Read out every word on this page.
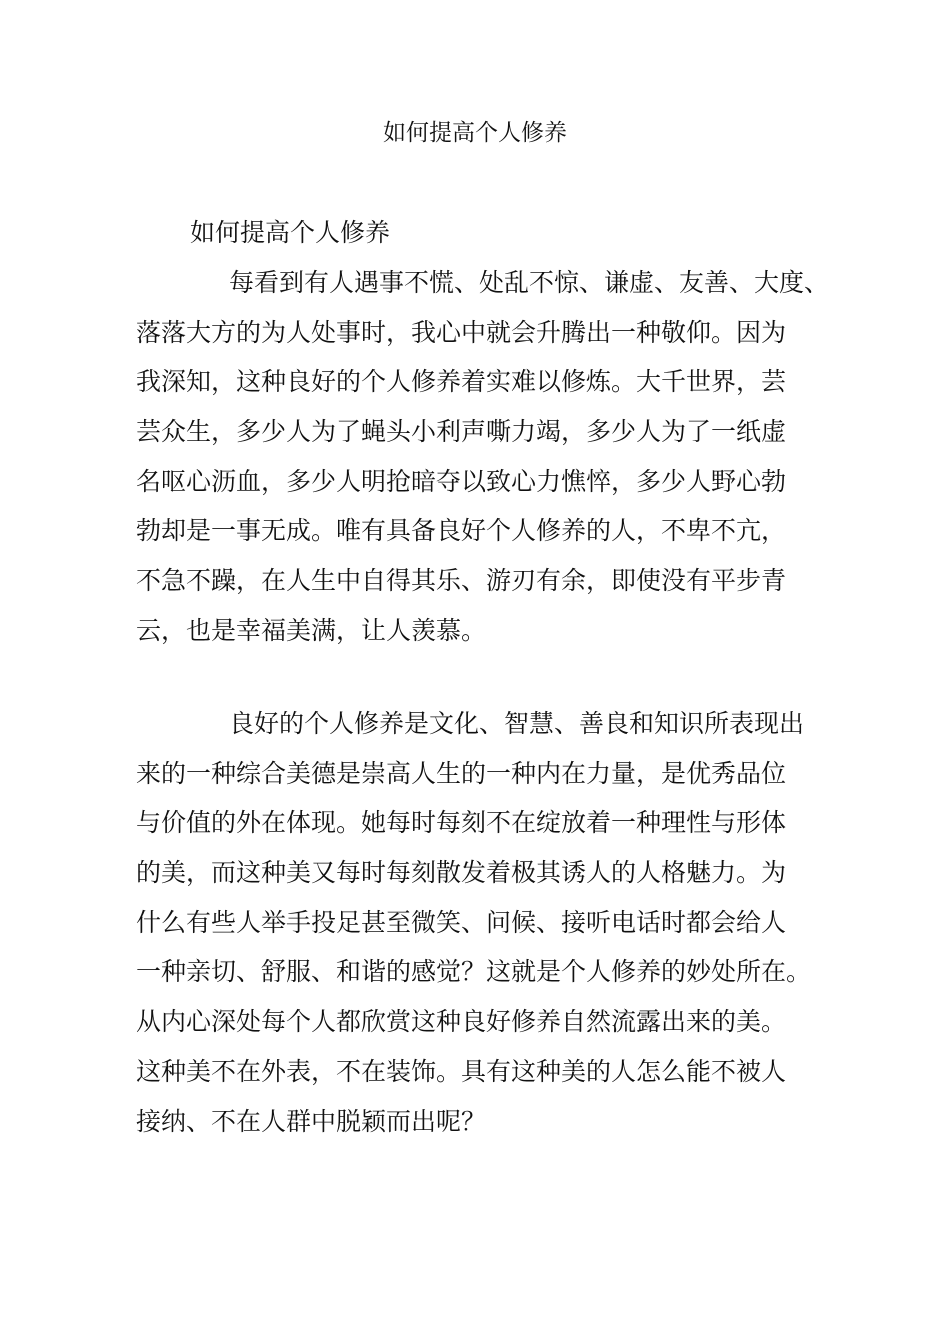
如何提高个人修养

如何提高个人修养

每看到有人遇事不慌、处乱不惊、谦虚、友善、大度、
落落大方的为人处事时，我心中就会升腾出一种敬仰。因为
我深知，这种良好的个人修养着实难以修炼。大千世界，芸
芸众生，多少人为了蝇头小利声嘶力竭，多少人为了一纸虚
名呕心沥血，多少人明抢暗夺以致心力憔悴，多少人野心勃
勃却是一事无成。唯有具备良好个人修养的人，不卑不亢，
不急不躁，在人生中自得其乐、游刃有余，即使没有平步青
云，也是幸福美满，让人羡慕。
良好的个人修养是文化、智慧、善良和知识所表现出
来的一种综合美德是崇高人生的一种内在力量，是优秀品位
与价值的外在体现。她每时每刻不在绽放着一种理性与形体
的美，而这种美又每时每刻散发着极其诱人的人格魅力。为
什么有些人举手投足甚至微笑、问候、接听电话时都会给人
一种亲切、舒服、和谐的感觉？这就是个人修养的妙处所在。
从内心深处每个人都欣赏这种良好修养自然流露出来的美。
这种美不在外表，不在装饰。具有这种美的人怎么能不被人
接纳、不在人群中脱颖而出呢？
